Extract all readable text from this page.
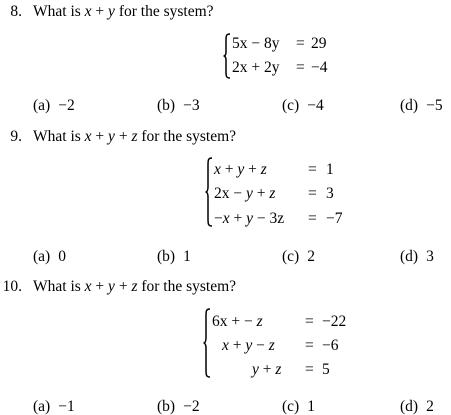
8. What is x + y for the system?
5x − 8y = 29
2x + 2y = −4
(a) −2	(b) −3	(c) −4	(d) −5
9. What is x + y + z for the system?
x + y + z	= 1
2x − y + z = 3
−x + y − 3z = −7
(a) 0	(b) 1	(c) 2	(d) 3
10. What is x + y + z for the system?
6x + − z	= −22
x + y − z = −6
y + z = 5
(a) −1	(b) −2	(c) 1	(d) 2
